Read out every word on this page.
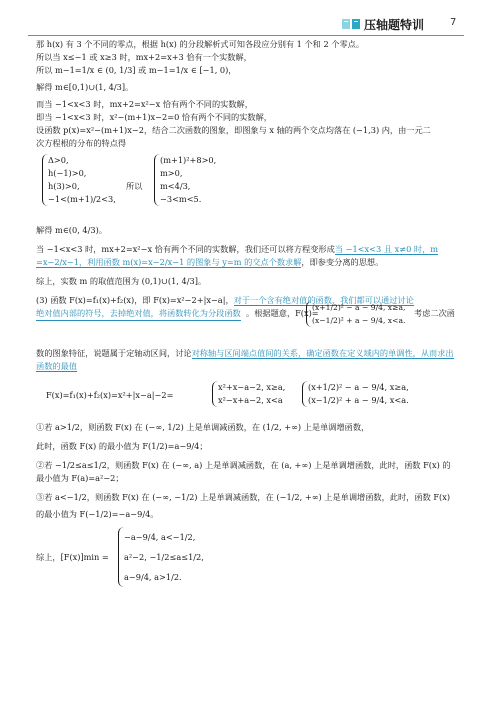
压轴题特训	7
那 h(x) 有 3 个不同的零点，根据 h(x) 的分段解析式可知各段应分别有 1 个和 2 个零点。
所以当 x≤−1 或 x≥3 时，mx+2=x+3 恰有一个实数解，
所以 m−1=1/x ∈ (0, 1/3] 或 m−1=1/x ∈ [−1, 0)，
解得 m∈[0,1)∪(1, 4/3]。
而当 −1<x<3 时，mx+2=x²−x 恰有两个不同的实数解，
即当 −1<x<3 时，x²−(m+1)x−2=0 恰有两个不同的实数解，
设函数 p(x)=x²−(m+1)x−2，结合二次函数的图象，即图象与 x 轴的两个交点均落在 (−1,3) 内，由一元二
次方程根的分布的特点得
Δ>0,
h(−1)>0,
h(3)>0,
−1<(m+1)/2<3,
所以
(m+1)²+8>0,
m>0,
m<4/3,
−3<m<5.
解得 m∈(0, 4/3)。
当 −1<x<3 时，mx+2=x²−x 恰有两个不同的实数解，我们还可以将方程变形成当 −1<x<3 且 x≠0 时，m
=x−2/x−1，利用函数 m(x)=x−2/x−1 的图象与 y=m 的交点个数求解，即参变分离的思想。
综上，实数 m 的取值范围为 (0,1)∪(1, 4/3]。
(3) 函数 F(x)=f₁(x)+f₂(x)，即 F(x)=x²−2+|x−a|，对于一个含有绝对值的函数，我们都可以通过讨论
绝对值内部的符号，去掉绝对值，将函数转化为分段函数 。根据题意，F(x)=
(x+1/2)² − a − 9/4, x≥a,
(x−1/2)² + a − 9/4, x<a.
考虑二次函
数的图象特征，说题属于定轴动区间，讨论对称轴与区间端点值间的关系，确定函数在定义域内的单调性，从而求出
函数的最值
F(x)=f₁(x)+f₂(x)=x²+|x−a|−2=
x²+x−a−2, x≥a,
x²−x+a−2, x<a
(x+1/2)² − a − 9/4, x≥a,
(x−1/2)² + a − 9/4, x<a.
①若 a>1/2，则函数 F(x) 在 (−∞, 1/2) 上是单调减函数，在 (1/2, +∞) 上是单调增函数，
此时，函数 F(x) 的最小值为 F(1/2)=a−9/4；
②若 −1/2≤a≤1/2，则函数 F(x) 在 (−∞, a) 上是单调减函数，在 (a, +∞) 上是单调增函数，此时，函数 F(x) 的
最小值为 F(a)=a²−2；
③若 a<−1/2，则函数 F(x) 在 (−∞, −1/2) 上是单调减函数，在 (−1/2, +∞) 上是单调增函数，此时，函数 F(x)
的最小值为 F(−1/2)=−a−9/4。
综上，[F(x)]min =
−a−9/4, a<−1/2,
a²−2, −1/2≤a≤1/2,
a−9/4, a>1/2.
